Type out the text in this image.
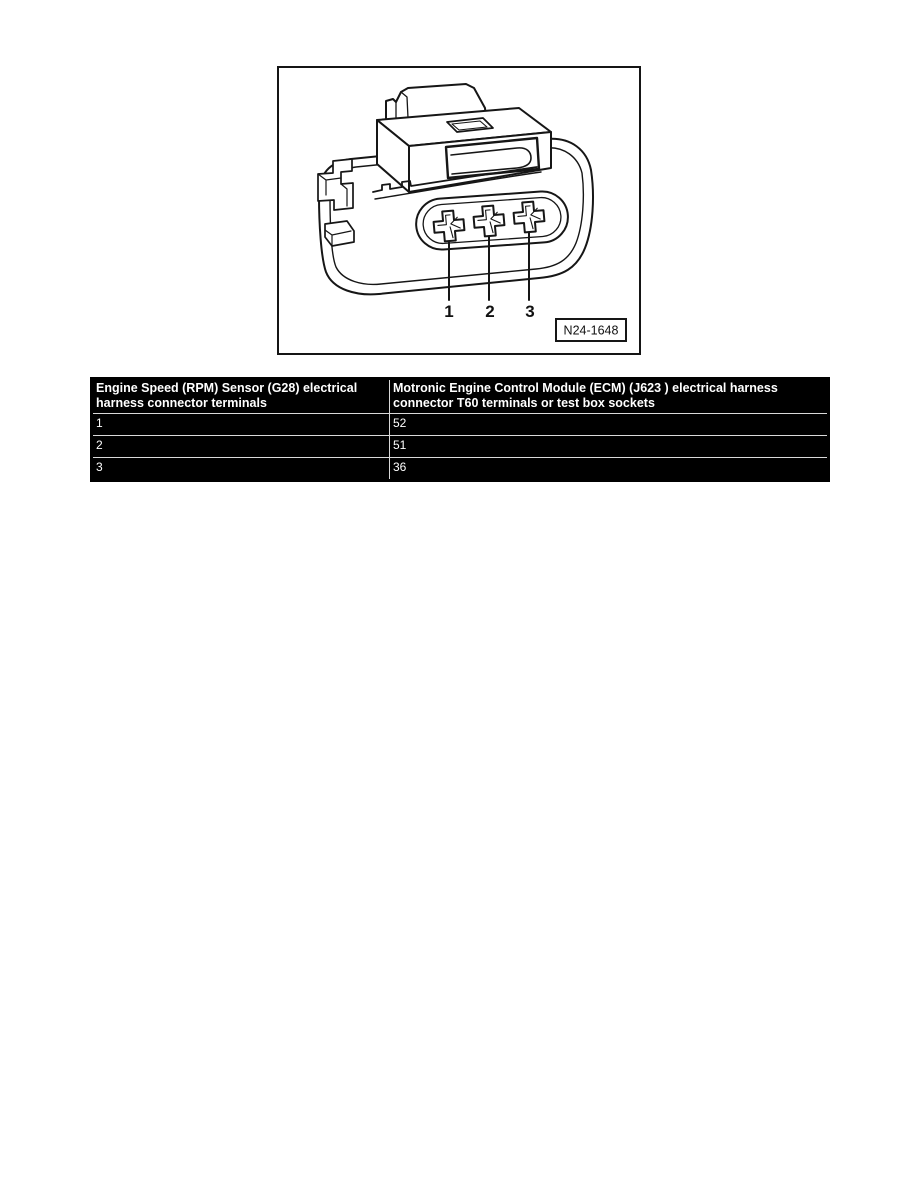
1 2 3
N24-1648
Engine Speed (RPM) Sensor (G28) electrical harness connector terminals	Motronic Engine Control Module (ECM) (J623 ) electrical harness connector T60 terminals or test box sockets
1	52
2	51
3	36
